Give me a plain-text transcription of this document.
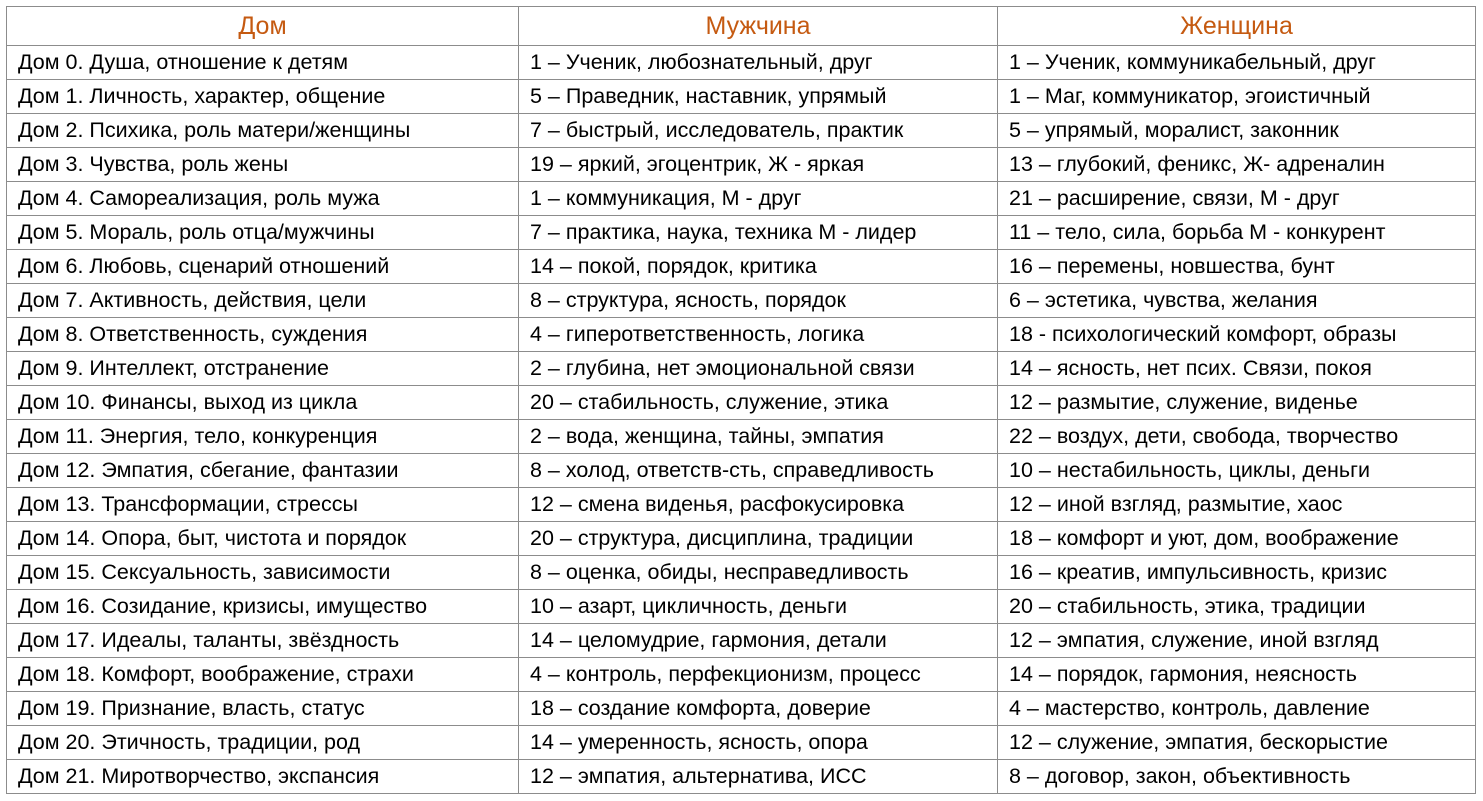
Дом	Мужчина	Женщина
Дом 0. Душа, отношение к детям	1 – Ученик, любознательный, друг	1 – Ученик, коммуникабельный, друг
Дом 1. Личность, характер, общение	5 – Праведник, наставник, упрямый	1 – Маг, коммуникатор, эгоистичный
Дом 2. Психика, роль матери/женщины	7 – быстрый, исследователь, практик	5 – упрямый, моралист, законник
Дом 3. Чувства, роль жены	19 – яркий, эгоцентрик, Ж - яркая	13 – глубокий, феникс, Ж- адреналин
Дом 4. Самореализация, роль мужа	1 – коммуникация, М - друг	21 – расширение, связи, М - друг
Дом 5. Мораль, роль отца/мужчины	7 – практика, наука, техника М - лидер	11 – тело, сила, борьба М - конкурент
Дом 6. Любовь, сценарий отношений	14 – покой, порядок, критика	16 – перемены, новшества, бунт
Дом 7. Активность, действия, цели	8 – структура, ясность, порядок	6 – эстетика, чувства, желания
Дом 8. Ответственность, суждения	4 – гиперответственность, логика	18 - психологический комфорт, образы
Дом 9. Интеллект, отстранение	2 – глубина, нет эмоциональной связи	14 – ясность, нет псих. Связи, покоя
Дом 10. Финансы, выход из цикла	20 – стабильность, служение, этика	12 – размытие, служение, виденье
Дом 11. Энергия, тело, конкуренция	2 – вода, женщина, тайны, эмпатия	22 – воздух, дети, свобода, творчество
Дом 12. Эмпатия, сбегание, фантазии	8 – холод, ответств-сть, справедливость	10 – нестабильность, циклы, деньги
Дом 13. Трансформации, стрессы	12 – смена виденья, расфокусировка	12 – иной взгляд, размытие, хаос
Дом 14. Опора, быт, чистота и порядок	20 – структура, дисциплина, традиции	18 – комфорт и уют, дом, воображение
Дом 15. Сексуальность, зависимости	8 – оценка, обиды, несправедливость	16 – креатив, импульсивность, кризис
Дом 16. Созидание, кризисы, имущество	10 – азарт, цикличность, деньги	20 – стабильность, этика, традиции
Дом 17. Идеалы, таланты, звёздность	14 – целомудрие, гармония, детали	12 – эмпатия, служение, иной взгляд
Дом 18. Комфорт, воображение, страхи	4 – контроль, перфекционизм, процесс	14 – порядок, гармония, неясность
Дом 19. Признание, власть, статус	18 – создание комфорта, доверие	4 – мастерство, контроль, давление
Дом 20. Этичность, традиции, род	14 – умеренность, ясность, опора	12 – служение, эмпатия, бескорыстие
Дом 21. Миротворчество, экспансия	12 – эмпатия, альтернатива, ИСС	8 – договор, закон, объективность
